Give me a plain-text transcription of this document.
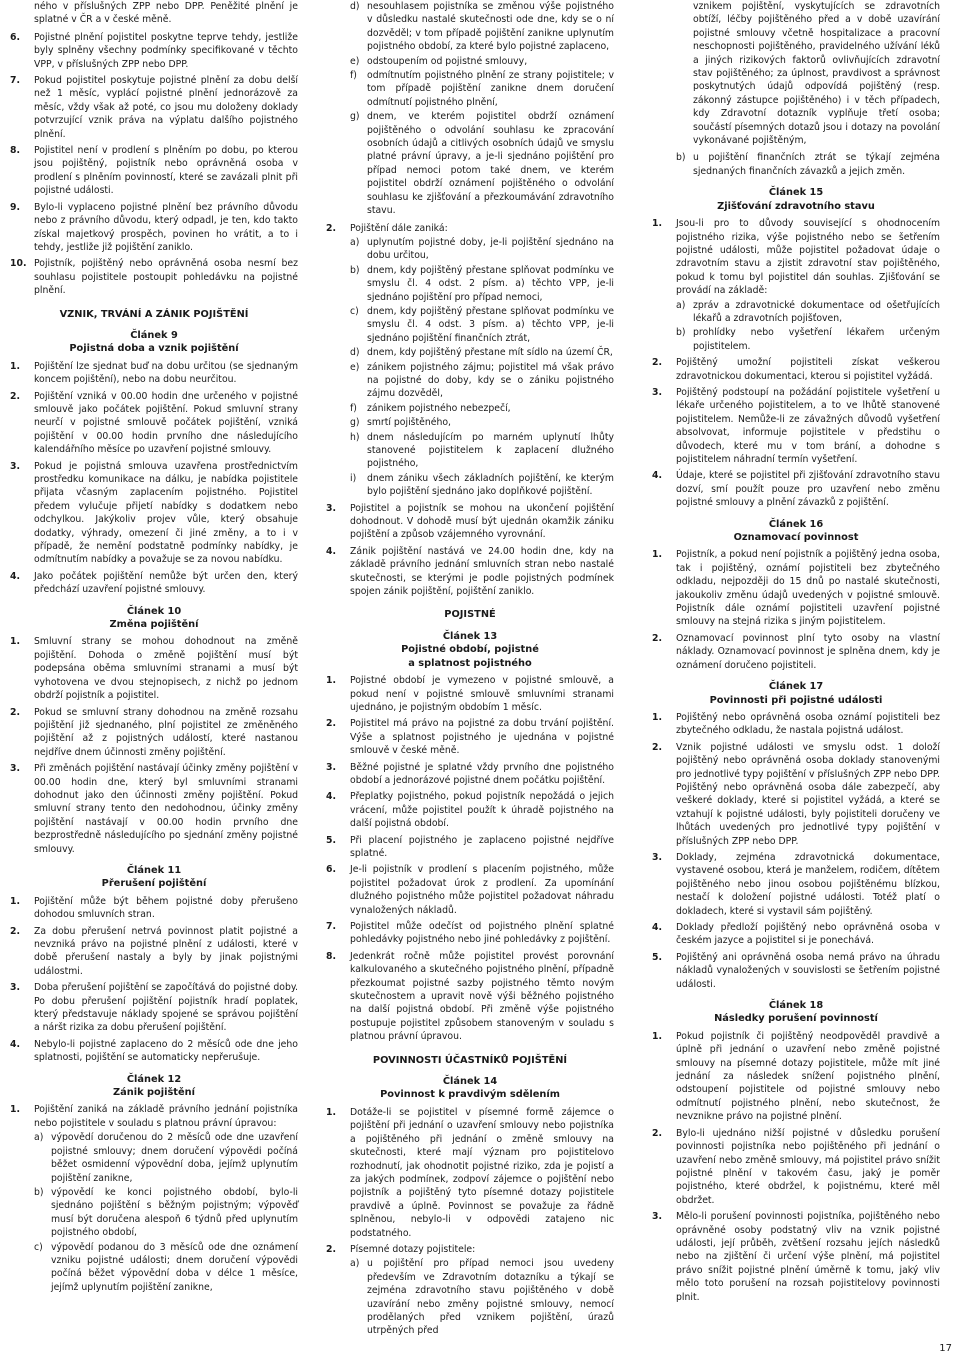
ného v příslušných ZPP nebo DPP. Peněžité plnění je splatné v ČR a v české měně.

6. Pojistné plnění pojistitel poskytne teprve tehdy, jestliže byly splněny všechny podmínky specifikované v těchto VPP, v příslušných ZPP nebo DPP.
7. Pokud pojistitel poskytuje pojistné plnění za dobu delší než 1 měsíc, vyplácí pojistné plnění jednorázově za měsíc, vždy však až poté, co jsou mu doloženy doklady potvrzující vznik práva na výplatu dalšího pojistného plnění.
8. Pojistitel není v prodlení s plněním po dobu, po kterou jsou pojištěný, pojistník nebo oprávněná osoba v prodlení s plněním povinností, které se zavázali plnit při pojistné události.
9. Bylo-li vyplaceno pojistné plnění bez právního důvodu nebo z právního důvodu, který odpadl, je ten, kdo takto získal majetkový prospěch, povinen ho vrátit, a to i tehdy, jestliže již pojištění zaniklo.
10. Pojistník, pojištěný nebo oprávněná osoba nesmí bez souhlasu pojistitele postoupit pohledávku na pojistné plnění.
VZNIK, TRVÁNÍ A ZÁNIK POJIŠTĚNÍ
Článek 9
Pojistná doba a vznik pojištění
1. Pojištění lze sjednat buď na dobu určitou (se sjednaným koncem pojištění), nebo na dobu neurčitou.
2. Pojištění vzniká v 00.00 hodin dne určeného v pojistné smlouvě jako počátek pojištění. Pokud smluvní strany neurčí v pojistné smlouvě počátek pojištění, vzniká pojištění v 00.00 hodin prvního dne následujícího kalendářního měsíce po uzavření pojistné smlouvy.
3. Pokud je pojistná smlouva uzavřena prostřednictvím prostředku komunikace na dálku, je nabídka pojistitele přijata včasným zaplacením pojistného. Pojistitel předem vylučuje přijetí nabídky s dodatkem nebo odchylkou. Jakýkoliv projev vůle, který obsahuje dodatky, výhrady, omezení či jiné změny, a to i v případě, že nemění podstatně podmínky nabídky, je odmítnutím nabídky a považuje se za novou nabídku.
4. Jako počátek pojištění nemůže být určen den, který předchází uzavření pojistné smlouvy.
Článek 10
Změna pojištění
1. Smluvní strany se mohou dohodnout na změně pojištění. Dohoda o změně pojištění musí být podepsána oběma smluvními stranami a musí být vyhotovena ve dvou stejnopisech, z nichž po jednom obdrží pojistník a pojistitel.
2. Pokud se smluvní strany dohodnou na změně rozsahu pojištění již sjednaného, plní pojistitel ze změněného pojištění až z pojistných událostí, které nastanou nejdříve dnem účinnosti změny pojištění.
3. Při změnách pojištění nastávají účinky změny pojištění v 00.00 hodin dne, který byl smluvními stranami dohodnut jako den účinnosti změny pojištění. Pokud smluvní strany tento den nedohodnou, účinky změny pojištění nastávají v 00.00 hodin prvního dne bezprostředně následujícího po sjednání změny pojistné smlouvy.
Článek 11
Přerušení pojištění
1. Pojištění může být během pojistné doby přerušeno dohodou smluvních stran.
2. Za dobu přerušení netrvá povinnost platit pojistné a nevzniká právo na pojistné plnění z události, které v době přerušení nastaly a byly by jinak pojistnými událostmi.
3. Doba přerušení pojištění se započítává do pojistné doby. Po dobu přerušení pojištění pojistník hradí poplatek, který představuje náklady spojené se správou pojištění a náršt rizika za dobu přerušení pojištění.
4. Nebylo-li pojistné zaplaceno do 2 měsíců ode dne jeho splatnosti, pojištění se automaticky nepřerušuje.
Článek 12
Zánik pojištění
1. Pojištění zaniká na základě právního jednání pojistníka nebo pojistitele v souladu s platnou právní úpravou:
a) výpovědí doručenou do 2 měsíců ode dne uzavření pojistné smlouvy; dnem doručení výpovědi počíná běžet osmidenní výpovědní doba, jejímž uplynutím pojištění zanikne,
b) výpovědí ke konci pojistného období, bylo-li sjednáno pojištění s běžným pojistným; výpověď musí být doručena alespoň 6 týdnů před uplynutím pojistného období,
c) výpovědí podanou do 3 měsíců ode dne oznámení vzniku pojistné události; dnem doručení výpovědi počíná běžet výpovědní doba v délce 1 měsíce, jejímž uplynutím pojištění zanikne,
d) nesouhlasem pojistníka se změnou výše pojistného v důsledku nastalé skutečnosti ode dne, kdy se o ní dozvěděl; v tom případě pojištění zanikne uplynutím pojistného období, za které bylo pojistné zaplaceno,
e) odstoupením od pojistné smlouvy,
f) odmítnutím pojistného plnění ze strany pojistitele; v tom případě pojištění zanikne dnem doručení odmítnutí pojistného plnění,
g) dnem, ve kterém pojistitel obdrží oznámení pojištěného o odvolání souhlasu ke zpracování osobních údajů a citlivých osobních údajů ve smyslu platné právní úpravy, a je-li sjednáno pojištění pro případ nemoci potom také dnem, ve kterém pojistitel obdrží oznámení pojištěného o odvolání souhlasu ke zjišťování a přezkoumávání zdravotního stavu.
2. Pojištění dále zaniká:
a) uplynutím pojistné doby, je-li pojištění sjednáno na dobu určitou,
b) dnem, kdy pojištěný přestane splňovat podmínku ve smyslu čl. 4 odst. 2 písm. a) těchto VPP, je-li sjednáno pojištění pro případ nemoci,
c) dnem, kdy pojištěný přestane splňovat podmínku ve smyslu čl. 4 odst. 3 písm. a) těchto VPP, je-li sjednáno pojištění finančních ztrát,
d) dnem, kdy pojištěný přestane mít sídlo na území ČR,
e) zánikem pojistného zájmu; pojistitel má však právo na pojistné do doby, kdy se o zániku pojistného zájmu dozvěděl,
f) zánikem pojistného nebezpečí,
g) smrtí pojištěného,
h) dnem následujícím po marném uplynutí lhůty stanovené pojistitelem k zaplacení dlužného pojistného,
i) dnem zániku všech základních pojištění, ke kterým bylo pojištění sjednáno jako doplňkové pojištění.
3. Pojistitel a pojistník se mohou na ukončení pojištění dohodnout. V dohodě musí být ujednán okamžik zániku pojištění a způsob vzájemného vyrovnání.
4. Zánik pojištění nastává ve 24.00 hodin dne, kdy na základě právního jednání smluvních stran nebo nastalé skutečnosti, se kterými je podle pojistných podmínek spojen zánik pojištění, pojištění zaniklo.
POJISTNÉ
Článek 13
Pojistné období, pojistné
a splatnost pojistného
1. Pojistné období je vymezeno v pojistné smlouvě, a pokud není v pojistné smlouvě smluvními stranami ujednáno, je pojistným obdobím 1 měsíc.
2. Pojistitel má právo na pojistné za dobu trvání pojištění. Výše a splatnost pojistného je ujednána v pojistné smlouvě v české měně.
3. Běžné pojistné je splatné vždy prvního dne pojistného období a jednorázové pojistné dnem počátku pojištění.
4. Přeplatky pojistného, pokud pojistník nepožádá o jejich vrácení, může pojistitel použít k úhradě pojistného na další pojistná období.
5. Při placení pojistného je zaplaceno pojistné nejdříve splatné.
6. Je-li pojistník v prodlení s placením pojistného, může pojistitel požadovat úrok z prodlení. Za upomínání dlužného pojistného může pojistitel požadovat náhradu vynaložených nákladů.
7. Pojistitel může odečíst od pojistného plnění splatné pohledávky pojistného nebo jiné pohledávky z pojištění.
8. Jedenkrát ročně může pojistitel provést porovnání kalkulovaného a skutečného pojistného plnění, případně přezkoumat pojistné sazby pojistného těmto novým skutečnostem a upravit nově výši běžného pojistného na další pojistná období. Při změně výše pojistného postupuje pojistitel způsobem stanoveným v souladu s platnou právní úpravou.
POVINNOSTI ÚČASTNÍKŮ POJIŠTĚNÍ
Článek 14
Povinnost k pravdivým sdělením
1. Dotáže-li se pojistitel v písemné formě zájemce o pojištění při jednání o uzavření smlouvy nebo pojistníka a pojištěného při jednání o změně smlouvy na skutečnosti, které mají význam pro pojistitelovo rozhodnutí, jak ohodnotit pojistné riziko, zda je pojistí a za jakých podmínek, zodpoví zájemce o pojištění nebo pojistník a pojištěný tyto písemné dotazy pojistitele pravdivě a úplně. Povinnost se považuje za řádně splněnou, nebylo-li v odpovědi zatajeno nic podstatného.
2. Písemné dotazy pojistitele:
a) u pojištění pro případ nemoci jsou uvedeny především ve Zdravotním dotazníku a týkají se zejména zdravotního stavu pojištěného v době uzavírání nebo změny pojistné smlouvy, nemocí prodělaných před vznikem pojištění, úrazů utrpěných před

vznikem pojištění, vyskytujících se zdravotních obtíží, léčby pojištěného před a v době uzavírání pojistné smlouvy včetně hospitalizace a pracovní neschopnosti pojištěného, pravidelného užívání léků a jiných rizikových faktorů ovlivňujících zdravotní stav pojištěného; za úplnost, pravdivost a správnost poskytnutých údajů odpovídá pojištěný (resp. zákonný zástupce pojištěného) i v těch případech, kdy Zdravotní dotazník vyplňuje třetí osoba; součástí písemných dotazů jsou i dotazy na povolání vykonávané pojištěným,

b) u pojištění finančních ztrát se týkají zejména sjednaných finančních závazků a jejich změn.
Článek 15
Zjišťování zdravotního stavu
1. Jsou-li pro to důvody související s ohodnocením pojistného rizika, výše pojistného nebo se šetřením pojistné události, může pojistitel požadovat údaje o zdravotním stavu a zjistit zdravotní stav pojištěného, pokud k tomu byl pojistitel dán souhlas. Zjišťování se provádí na základě:
a) zpráv a zdravotnické dokumentace od ošetřujících lékařů a zdravotních pojišťoven,
b) prohlídky nebo vyšetření lékařem určeným pojistitelem.
2. Pojištěný umožní pojistiteli získat veškerou zdravotnickou dokumentaci, kterou si pojistitel vyžádá.
3. Pojištěný podstoupí na požádání pojistitele vyšetření u lékaře určeného pojistitelem, a to ve lhůtě stanovené pojistitelem. Nemůže-li ze závažných důvodů vyšetření absolvovat, informuje pojistitele v předstihu o důvodech, které mu v tom brání, a dohodne s pojistitelem náhradní termín vyšetření.
4. Údaje, které se pojistitel při zjišťování zdravotního stavu dozví, smí použít pouze pro uzavření nebo změnu pojistné smlouvy a plnění závazků z pojištění.
Článek 16
Oznamovací povinnost
1. Pojistník, a pokud není pojistník a pojištěný jedna osoba, tak i pojištěný, oznámí pojistiteli bez zbytečného odkladu, nejpozději do 15 dnů po nastalé skutečnosti, jakoukoliv změnu údajů uvedených v pojistné smlouvě. Pojistník dále oznámí pojistiteli uzavření pojistné smlouvy na stejná rizika s jiným pojistitelem.
2. Oznamovací povinnost plní tyto osoby na vlastní náklady. Oznamovací povinnost je splněna dnem, kdy je oznámení doručeno pojistiteli.
Článek 17
Povinnosti při pojistné události
1. Pojištěný nebo oprávněná osoba oznámí pojistiteli bez zbytečného odkladu, že nastala pojistná událost.
2. Vznik pojistné události ve smyslu odst. 1 doloží pojištěný nebo oprávněná osoba doklady stanovenými pro jednotlivé typy pojištění v příslušných ZPP nebo DPP. Pojištěný nebo oprávněná osoba dále zabezpečí, aby veškeré doklady, které si pojistitel vyžádá, a které se vztahují k pojistné události, byly pojistiteli doručeny ve lhůtách uvedených pro jednotlivé typy pojištění v příslušných ZPP nebo DPP.
3. Doklady, zejména zdravotnická dokumentace, vystavené osobou, která je manželem, rodičem, dítětem pojištěného nebo jinou osobou pojištěnému blízkou, nestačí k doložení pojistné události. Totéž platí o dokladech, které si vystavil sám pojištěný.
4. Doklady předloží pojištěný nebo oprávněná osoba v českém jazyce a pojistitel si je ponechává.
5. Pojištěný ani oprávněná osoba nemá právo na úhradu nákladů vynaložených v souvislosti se šetřením pojistné události.
Článek 18
Následky porušení povinností
1. Pokud pojistník či pojištěný neodpověděl pravdivě a úplně při jednání o uzavření nebo změně pojistné smlouvy na písemné dotazy pojistitele, může mít jiné jednání za následek snížení pojistného plnění, odstoupení pojistitele od pojistné smlouvy nebo odmítnutí pojistného plnění, nebo skutečnost, že nevznikne právo na pojistné plnění.
2. Bylo-li ujednáno nižší pojistné v důsledku porušení povinnosti pojistníka nebo pojištěného při jednání o uzavření nebo změně smlouvy, má pojistitel právo snížit pojistné plnění v takovém času, jaký je poměr pojistného, které obdržel, k pojistnému, které měl obdržet.
3. Mělo-li porušení povinnosti pojistníka, pojištěného nebo oprávněné osoby podstatný vliv na vznik pojistné události, její průběh, zvětšení rozsahu jejích následků nebo na zjištění či určení výše plnění, má pojistitel právo snížit pojistné plnění úměrně k tomu, jaký vliv mělo toto porušení na rozsah pojistitelovy povinnosti plnit.
17
